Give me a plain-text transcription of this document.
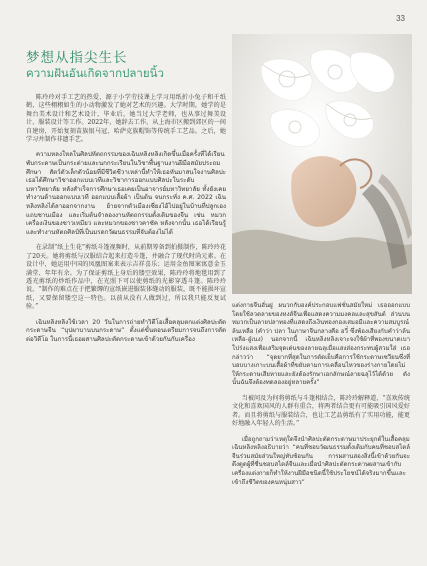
33
梦想从指尖生长
ความฝันอันเกิดจากปลายนิ้ว

陈玲玲对手工艺的热爱，源于小学劳技课上学习用纸折小兔子和千纸鹤，这些栩栩如生的小动物激发了她对艺术的兴趣。大学时期，她学的是舞台美术设计和艺术设计，毕业后，她当过大学老师，也从事过舞美设计、服装设计等工作。2022年，她辞去工作，从上海市区搬到郊区的一间自建房，开始复刻苗族银马冠、哈萨克族帽饰等传统手工艺品。之后，她学习并制作非遗手艺。

ความหลงใหลในศิลปหัตถกรรมของเฉินหลิงหลิงเกิดขึ้นเมื่อครั้งที่ได้เรียนพับกระดาษเป็นกระต่ายและนกกระเรียนในวิชาพื้นฐานงานฝีมือสมัยประถมศึกษา สัตว์ตัวเล็กตัวน้อยที่มีชีวิตชีวาเหล่านี้ทำให้เธอหันมาสนใจงานศิลปะ เธอได้ศึกษาวิชาออกแบบเวทีและวิชาการออกแบบศิลปะในระดับมหาวิทยาลัย หลังสำเร็จการศึกษาเธอเคยเป็นอาจารย์มหาวิทยาลัย ทั้งยังเคยทำงานด้านออกแบบเวที ออกแบบเสื้อผ้า เป็นต้น จนกระทั่ง ค.ศ. 2022 เฉินหลิงหลิงได้ลาออกจากงาน ย้ายจากตัวเมืองเซี่ยงไฮ้ไปอยู่ในบ้านที่ปลูกเองแถบชานเมือง และเริ่มต้นจำลองงานหัตถกรรมดั้งเดิมของจีน เช่น หมวกเครื่องเงินของชาวเหมียว และหมวกของชาวคาซัค หลังจากนั้น เธอได้เรียนรู้และทำงานหัตถศิลป์ที่เป็นมรดกวัฒนธรรมที่จับต้องไม่ได้

在录制“纸上生花”剪纸斗篷视频时，从前期筹备到拍摄制作，陈玲玲花了20天。她将剪纸与汉服结合起来打造斗篷，并融合了现代时尚元素。在设计中，她运用中国的凤凰图案来表示吉祥喜乐；运用金鱼图案寓意金玉满堂、年年有余。为了保证剪纸上身后的镂空效果，陈玲玲将地毯用到了透光剪纸的炒纸作品中，在光照下可以使剪纸的光影穿透斗篷。陈玲玲说，“制作的难点在于把繁缛的宣纸嵌进服装体缝动的服装，既不能损坏宣纸，又要保留镂空这一特色。以前从没有人做到过，所以我只能反复试验。”

เฉินหลิงหลิงใช้เวลา 20 วันในการถ่ายทำวิดีโอเสื้อคลุมตกแต่งศิลปะตัดกระดาษจีน “บุปผาบานบนกระดาษ” ตั้งแต่ขั้นตอนเตรียมการจนถึงการตัดต่อวิดีโอ ในการนี้เธอผสานศิลปะตัดกระดาษเข้าด้วยกันกับเครื่อง

แต่งกายจีนฮั่นฝู ผนวกกับองค์ประกอบแฟชั่นสมัยใหม่ เธอออกแบบโดยใช้ลวดลายของหงส์จีนเพื่อแสดงความมงคลและสุขสันต์ ส่วนบนหมวกเป็นลายปลาทองที่แสดงถึงเงินทองกองเสมอมีและความสมบูรณ์ล้นเหลือ (คำว่า ปลา ในภาษาจีนกลางคือ อวี๋ ซึ่งพ้องเสียงกับคำว่าล้นเหลือ-อู๋เนง) นอกจากนี้ เฉินหลิงหลิงเจาะจงใช้ผ้าที่พองขนาดเบาโปร่งแสงเพื่อเสริมจุดเด่นของลายฉลุเมื่อแสงส่องกระทบผู้สวมใส่ เธอกล่าวว่า “จุดยากที่สุดในการตัดเย็บคือการใช้กระดาษเซวียนซึ่งที่บอบบางเกาะบนเสื้อผ้าที่ขยับตามการเคลื่อนไหวของร่างกายโดยไม่ให้กระดาษเสียหายและยังต้องรักษาเอกลักษณ์ลายฉลุไว้ได้ด้วย ดังนั้นฉันจึงต้องทดลองอยู่หลายครั้ง”

当被问及为何将剪纸与斗篷相结合，陈玲玲解释道，“喜欢传统文化和喜欢国风的人群有重合，将两者结合更有可能吸引国风爱好者。而且将剪纸与服装结合，也让工艺品剪纸有了实用功能，能更好地融入年轻人的生活。”

เมื่อถูกถามว่าเหตุใดจึงนำศิลปะตัดกระดาษมาประยุกต์ในเสื้อคลุม เฉินหลิงหลิงอธิบายว่า “คนที่ชอบวัฒนธรรมดั้งเดิมกับคนที่ชอบสไตล์จีนร่วมสมัยส่วนใหญ่ทับซ้อนกัน การผสานสองสิ่งนี้เข้าด้วยกันจะดึงดูดผู้ที่ชื่นชอบสไตล์จีนและเมื่อนำศิลปะตัดกระดาษผสานเข้ากับเครื่องแต่งกายก็ทำให้งานฝีมือชนิดนี้ใช้ประโยชน์ได้จริงมากขึ้นและเข้าถึงชีวิตของคนหนุ่มสาว”
